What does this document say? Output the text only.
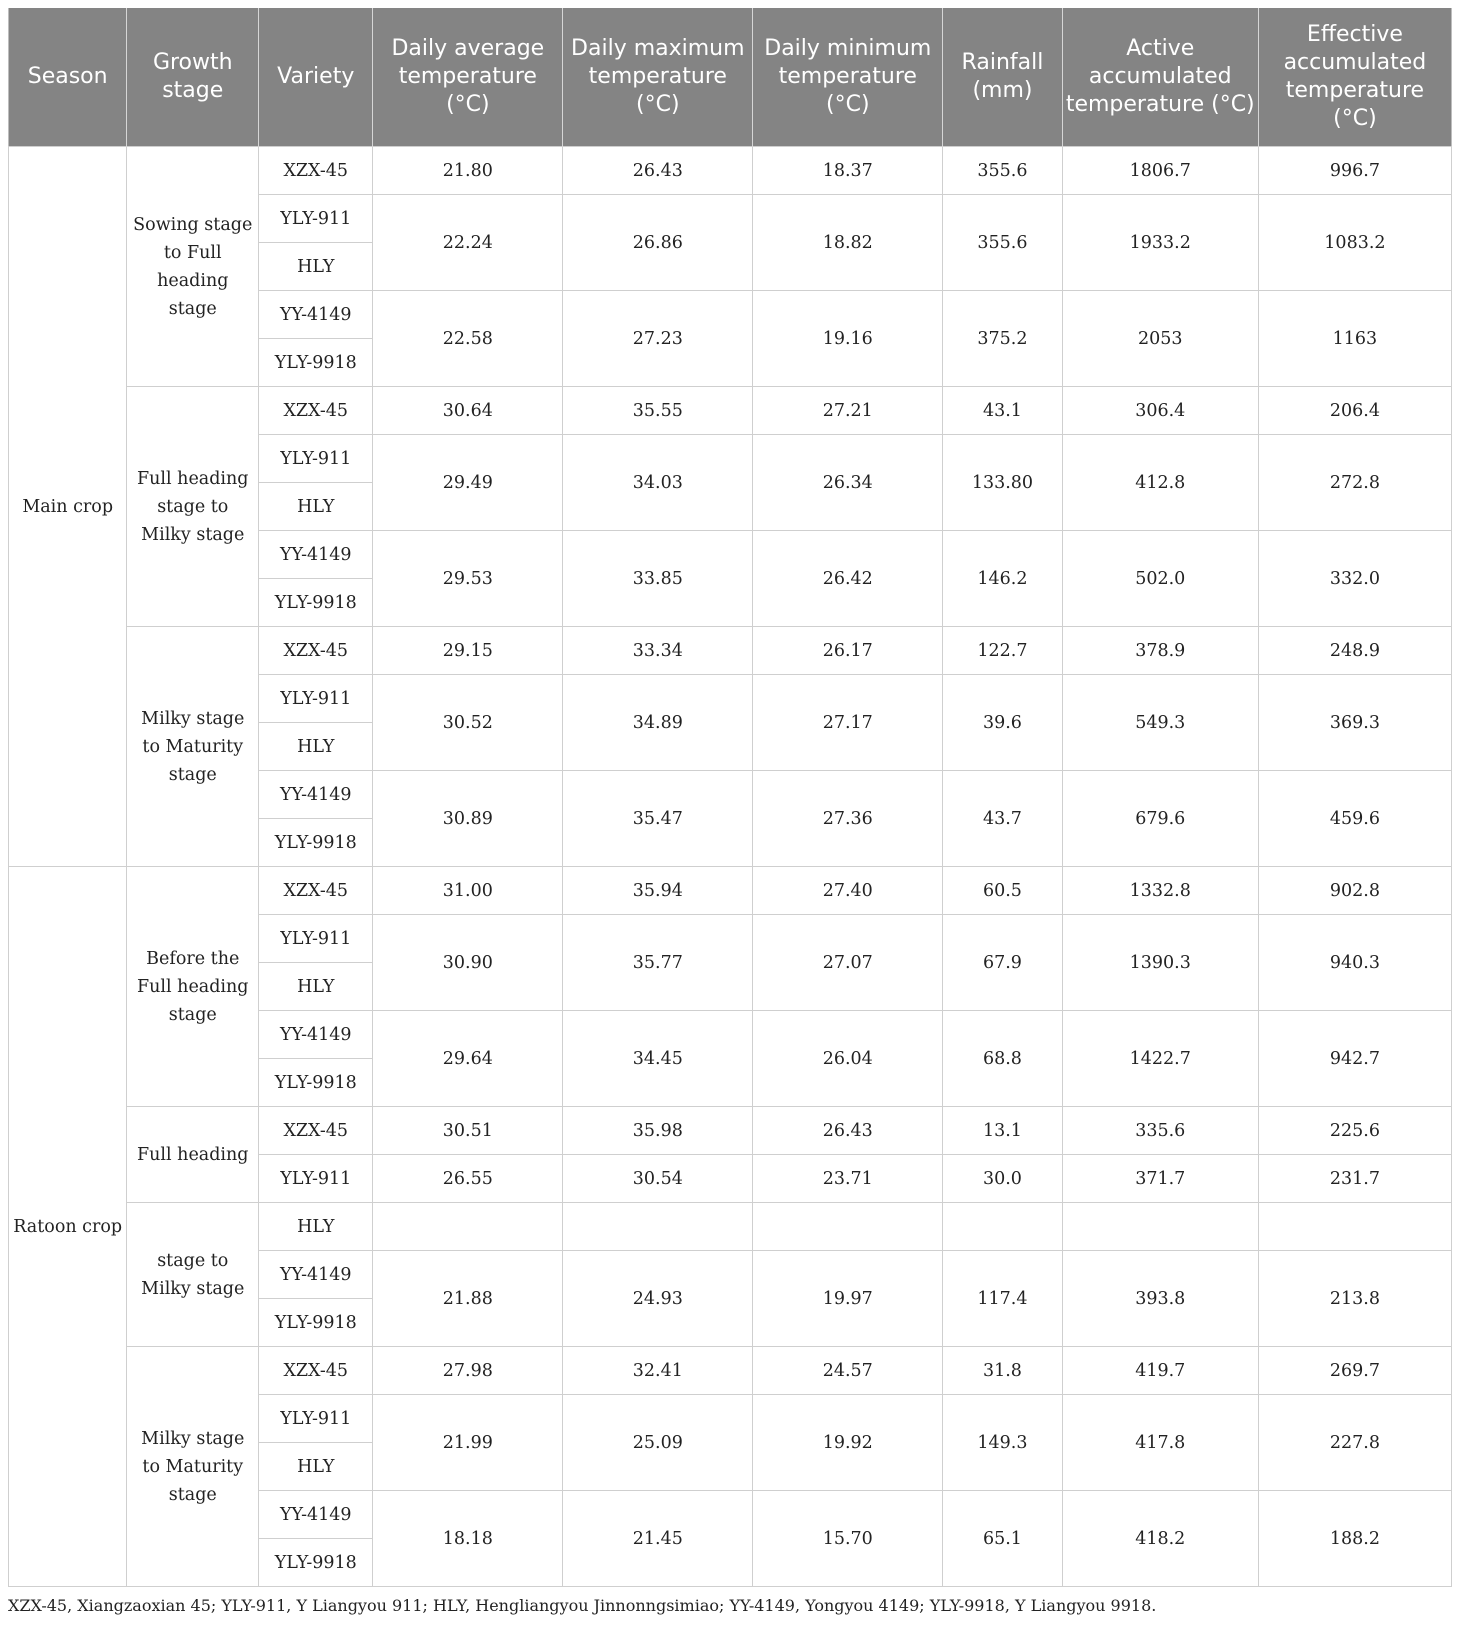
Season	Growth stage	Variety	Daily average temperature (°C)	Daily maximum temperature (°C)	Daily minimum temperature (°C)	Rainfall (mm)	Active accumulated temperature (°C)	Effective accumulated temperature (°C)
Main crop	Sowing stage to Full heading stage	XZX-45	21.80	26.43	18.37	355.6	1806.7	996.7
		YLY-911	22.24	26.86	18.82	355.6	1933.2	1083.2
		HLY						
		YY-4149	22.58	27.23	19.16	375.2	2053	1163
		YLY-9918						
	Full heading stage to Milky stage	XZX-45	30.64	35.55	27.21	43.1	306.4	206.4
		YLY-911	29.49	34.03	26.34	133.80	412.8	272.8
		HLY						
		YY-4149	29.53	33.85	26.42	146.2	502.0	332.0
		YLY-9918						
	Milky stage to Maturity stage	XZX-45	29.15	33.34	26.17	122.7	378.9	248.9
		YLY-911	30.52	34.89	27.17	39.6	549.3	369.3
		HLY						
		YY-4149	30.89	35.47	27.36	43.7	679.6	459.6
		YLY-9918						
Ratoon crop	Before the Full heading stage	XZX-45	31.00	35.94	27.40	60.5	1332.8	902.8
		YLY-911	30.90	35.77	27.07	67.9	1390.3	940.3
		HLY						
		YY-4149	29.64	34.45	26.04	68.8	1422.7	942.7
		YLY-9918						
	Full heading	XZX-45	30.51	35.98	26.43	13.1	335.6	225.6
		YLY-911	26.55	30.54	23.71	30.0	371.7	231.7
	stage to Milky stage	HLY						
		YY-4149	21.88	24.93	19.97	117.4	393.8	213.8
		YLY-9918						
	Milky stage to Maturity stage	XZX-45	27.98	32.41	24.57	31.8	419.7	269.7
		YLY-911	21.99	25.09	19.92	149.3	417.8	227.8
		HLY						
		YY-4149	18.18	21.45	15.70	65.1	418.2	188.2
		YLY-9918						
XZX-45, Xiangzaoxian 45; YLY-911, Y Liangyou 911; HLY, Hengliangyou Jinnonngsimiao; YY-4149, Yongyou 4149; YLY-9918, Y Liangyou 9918.
